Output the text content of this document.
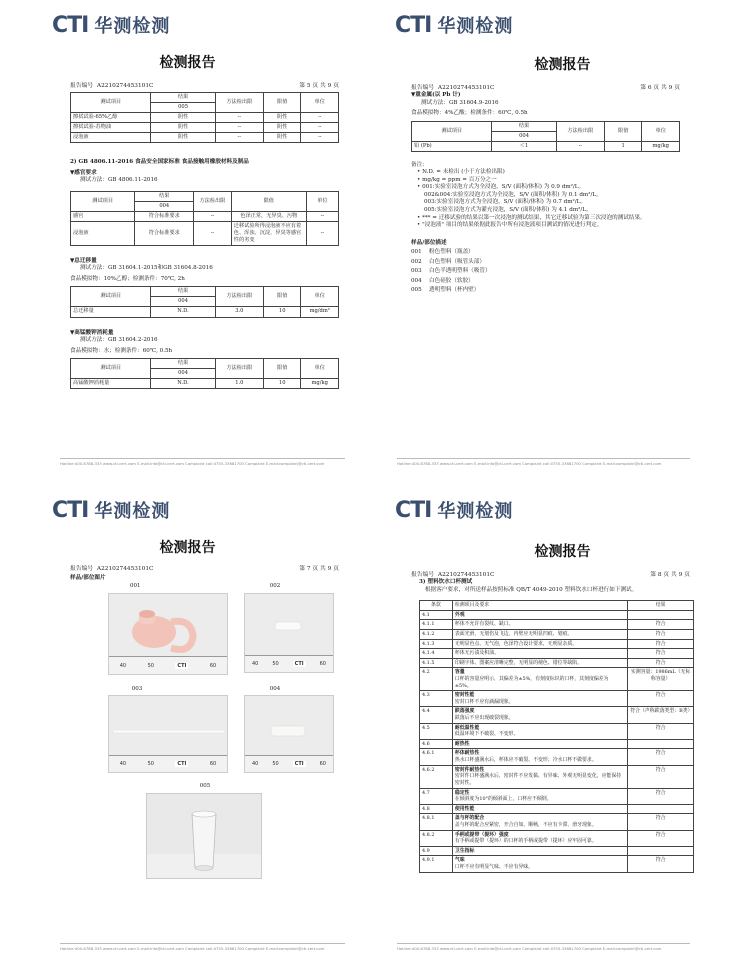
CTI 华测检测
检测报告
报告编号 A2210274453101C	第 5 页 共 9 页
测试项目	结果	方法检出限	限值	单位
	005			
擦拭试验-65%乙醇	阴性	--	阴性	--
擦拭试验-苏物油	阴性	--	阴性	--
浸泡液	阴性	--	阴性	--
2) GB 4806.11-2016 食品安全国家标准 食品接触用橡胶材料及制品
▼感官要求
测试方法：GB 4806.11-2016
测试项目	结果	方法检出限	限值	单位
	004			
感官	符合标准要求	--	色泽正常，无异臭、污物	--
浸泡液	符合标准要求	--	迁移试验所得浸泡液不应有着色、浑浊、沉淀、异臭等感官性的劣变	--
▼总迁移量
测试方法：GB 31604.1-2015和GB 31604.8-2016
食品模拟物：10%乙醇；检测条件：70℃, 2h
测试项目	结果	方法检出限	限值	单位
	004			
总迁移量	N.D.	3.0	10	mg/dm²
▼高锰酸钾消耗量
测试方法：GB 31604.2-2016
食品模拟物：水；检测条件：60℃, 0.5h
测试项目	结果	方法检出限	限值	单位
	004			
高锰酸钾消耗量	N.D.	1.0	10	mg/kg
Hotline:400-6788-333 www.cti-cert.com E-mail:info@cti-cert.com Complaint call:0755-33681700 Complaint E-mail:complaint@cti-cert.com
CTI 华测检测
检测报告
报告编号 A2210274453101C	第 6 页 共 9 页
▼重金属(以 Pb 计)
测试方法：GB 31604.9-2016
食品模拟物：4%乙酸；检测条件：60℃, 0.5h
测试项目	结果	方法检出限	限值	单位
	004			
铅 (Pb)	＜1	--	1	mg/kg
备注:
• N.D. = 未检出 (小于方法检出限)
• mg/kg = ppm = 百万分之一
• 001:实验室浸泡方式为全浸泡，S/V (面积/体积) 为 0.9 dm²/L。
002&004:实验室浸泡方式为全浸泡，S/V (面积/体积) 为 0.1 dm²/L。
003:实验室浸泡方式为全浸泡，S/V (面积/体积) 为 0.7 dm²/L。
005:实验室浸泡方式为灌充浸泡，S/V (面积/体积) 为 4.1 dm²/L。
• *** = 迁移试验的结果以第一次浸泡的测试结果，其它迁移试验为第三次浸泡的测试结果。
• "浸泡液" 项目的结果依据此报告中所有浸泡液项目测试的情况进行判定。
样品/部位描述
001 粉色塑料（瓶盖）
002 白色塑料（吸管头部）
003 白色半透明塑料（吸管）
004 白色硅胶（软胶）
005 透明塑料（杯内壁）
Hotline:400-6788-333 www.cti-cert.com E-mail:info@cti-cert.com Complaint call:0755-33681700 Complaint E-mail:complaint@cti-cert.com
CTI 华测检测
检测报告
报告编号 A2210274453101C	第 7 页 共 9 页
样品/部位图片
001
40	50	CTI	60
002
40	50	CTI	60
003
40	50	CTI	60
004
40	50	CTI	60
005
Hotline:400-6788-333 www.cti-cert.com E-mail:info@cti-cert.com Complaint call:0755-33681700 Complaint E-mail:complaint@cti-cert.com
CTI 华测检测
检测报告
报告编号 A2210274453101C	第 8 页 共 9 页
3) 塑料饮水口杯测试
根据客户要求，对所送样品按照标准 QB/T 4049-2010 塑料饮水口杯进行如下测试。
条款	检测项目及要求	结果
4.1	外观	

4.1.1	杯体不允许有裂纹、缺口。	符合
4.1.2	表面光滑，无划伤及飞边，内壁应无明显凹痕、划痕。	符合
4.1.3	无明显色点、无气泡，色泽符合设计要求，无明显杂质。	符合
4.1.4	杯体无污渍及积油。	符合
4.1.5	印刷字体、图案应清晰完整，无明显的褪色、错位等缺陷。	符合
4.2	容量
口杯的容量应明示，其偏差为±5%，有刻度标识的口杯，其刻度偏差为±5%。	实测容量：1986mL（无标称容量）
4.3	密封性能
密封口杯不应有滴漏现象。	符合
4.4	跌落强度
跌落后不应出现破裂现象。	符合（声称跌落类型：B类）
4.5	耐低温性能
低温环境下不破裂、不变形。	符合
4.6	耐热性	

4.6.1	杯体耐热性
热水口杯盛满水后，杯体应不破裂、不变形；冷水口杯不做要求。	符合
4.6.2	密封件耐热性
密封件口杯盛满水后，密封件不应发黏、有异味、外观无明显变化，应能保持密封性。	符合
4.7	稳定性
在倾斜度为10°的倾斜面上，口杯应不倾倒。	符合
4.8	使用性能	

4.8.1	盖与杯的配合
盖与杯的配合应紧密，开合自如、顺畅，不应有卡滞、滑牙现象。	符合
4.8.2	手柄或提带（提环）强度
有手柄或提带（提环）的口杯的手柄或提带（提环）应牢固可靠。	符合
4.9	卫生指标	

4.9.1	气味
口杯不应有明显气味、不应有异味。	符合
Hotline:400-6788-333 www.cti-cert.com E-mail:info@cti-cert.com Complaint call:0755-33681700 Complaint E-mail:complaint@cti-cert.com
